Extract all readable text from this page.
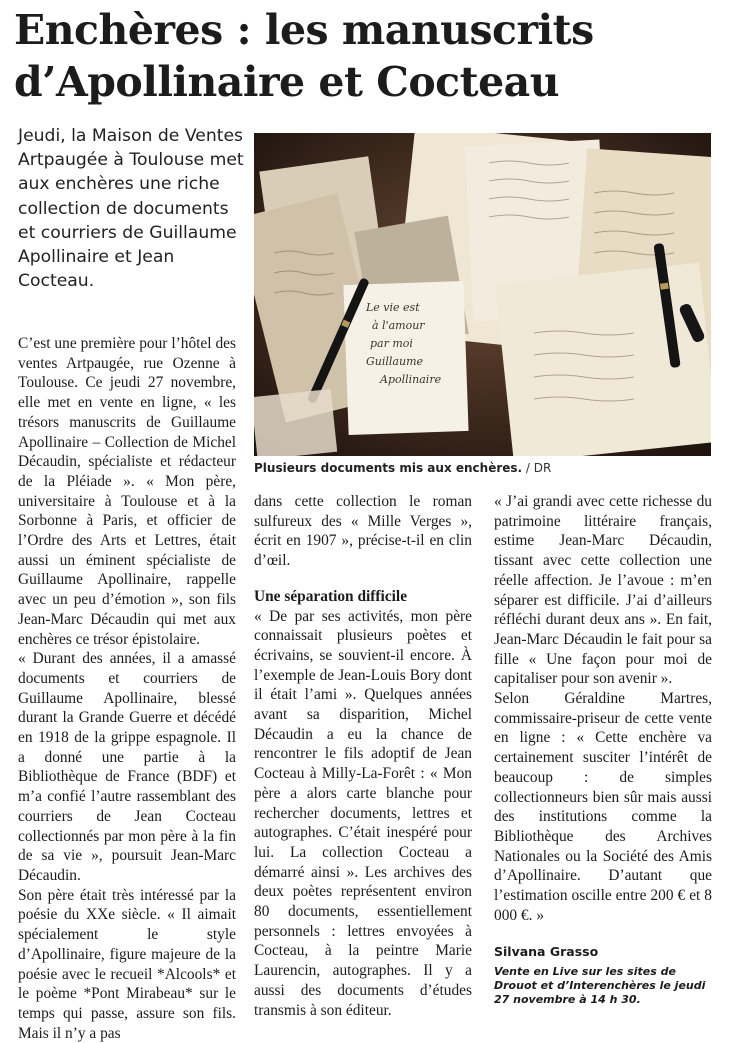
Enchères : les manuscrits d’Apollinaire et Cocteau

Jeudi, la Maison de Ventes Artpaugée à Toulouse met aux enchères une riche collection de documents et courriers de Guillaume Apollinaire et Jean Cocteau.

Le vie est
à l'amour
par moi
Guillaume
Apollinaire

Plusieurs documents mis aux enchères. / DR

C’est une première pour l’hôtel des ventes Artpaugée, rue Ozenne à Toulouse. Ce jeudi 27 novembre, elle met en vente en ligne, « les trésors manuscrits de Guillaume Apollinaire – Collection de Michel Décaudin, spécialiste et rédacteur de la Pléiade ». « Mon père, universitaire à Toulouse et à la Sorbonne à Paris, et officier de l’Ordre des Arts et Lettres, était aussi un éminent spécialiste de Guillaume Apollinaire, rappelle avec un peu d’émotion », son fils Jean-Marc Décaudin qui met aux enchères ce trésor épistolaire.

« Durant des années, il a amassé documents et courriers de Guillaume Apollinaire, blessé durant la Grande Guerre et décédé en 1918 de la grippe espagnole. Il a donné une partie à la Bibliothèque de France (BDF) et m’a confié l’autre rassemblant des courriers de Jean Cocteau collectionnés par mon père à la fin de sa vie », poursuit Jean-Marc Décaudin.

Son père était très intéressé par la poésie du XXe siècle. « Il aimait spécialement le style d’Apollinaire, figure majeure de la poésie avec le recueil *Alcools* et le poème *Pont Mirabeau* sur le temps qui passe, assure son fils. Mais il n’y a pas

dans cette collection le roman sulfureux des « Mille Verges », écrit en 1907 », précise-t-il en clin d’œil.

Une séparation difficile

« De par ses activités, mon père connaissait plusieurs poètes et écrivains, se souvient-il encore. À l’exemple de Jean-Louis Bory dont il était l’ami ». Quelques années avant sa disparition, Michel Décaudin a eu la chance de rencontrer le fils adoptif de Jean Cocteau à Milly-La-Forêt : « Mon père a alors carte blanche pour rechercher documents, lettres et autographes. C’était inespéré pour lui. La collection Cocteau a démarré ainsi ». Les archives des deux poètes représentent environ 80 documents, essentiellement personnels : lettres envoyées à Cocteau, à la peintre Marie Laurencin, autographes. Il y a aussi des documents d’études transmis à son éditeur.

« J’ai grandi avec cette richesse du patrimoine littéraire français, estime Jean-Marc Décaudin, tissant avec cette collection une réelle affection. Je l’avoue : m’en séparer est difficile. J’ai d’ailleurs réfléchi durant deux ans ». En fait, Jean-Marc Décaudin le fait pour sa fille « Une façon pour moi de capitaliser pour son avenir ».

Selon Géraldine Martres, commissaire-priseur de cette vente en ligne : « Cette enchère va certainement susciter l’intérêt de beaucoup : de simples collectionneurs bien sûr mais aussi des institutions comme la Bibliothèque des Archives Nationales ou la Société des Amis d’Apollinaire. D’autant que l’estimation oscille entre 200 € et 8 000 €. »

Silvana Grasso

Vente en Live sur les sites de Drouot et d’Interenchères le jeudi 27 novembre à 14 h 30.
